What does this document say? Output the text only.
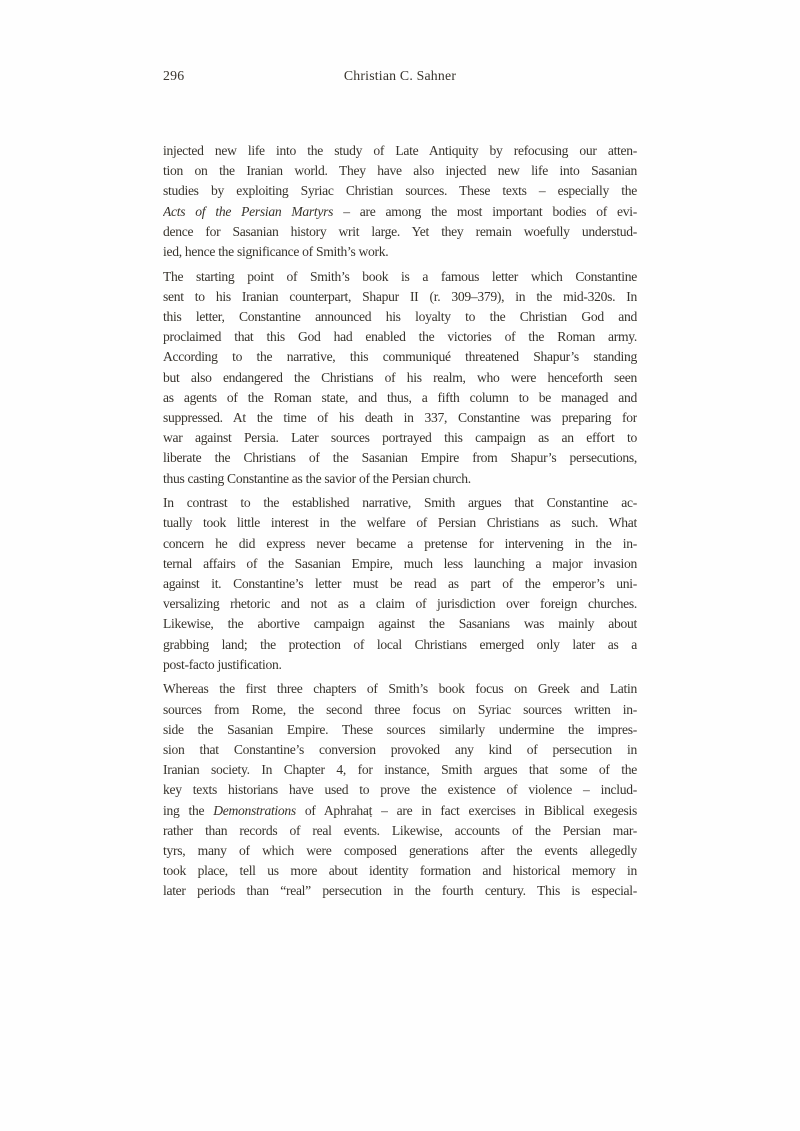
296	Christian C. Sahner
injected new life into the study of Late Antiquity by refocusing our atten-
tion on the Iranian world. They have also injected new life into Sasanian
studies by exploiting Syriac Christian sources. These texts – especially the
Acts of the Persian Martyrs – are among the most important bodies of evi-
dence for Sasanian history writ large. Yet they remain woefully understud-
ied, hence the significance of Smith’s work.
The starting point of Smith’s book is a famous letter which Constantine
sent to his Iranian counterpart, Shapur II (r. 309–379), in the mid-320s. In
this letter, Constantine announced his loyalty to the Christian God and
proclaimed that this God had enabled the victories of the Roman army.
According to the narrative, this communiqué threatened Shapur’s standing
but also endangered the Christians of his realm, who were henceforth seen
as agents of the Roman state, and thus, a fifth column to be managed and
suppressed. At the time of his death in 337, Constantine was preparing for
war against Persia. Later sources portrayed this campaign as an effort to
liberate the Christians of the Sasanian Empire from Shapur’s persecutions,
thus casting Constantine as the savior of the Persian church.
In contrast to the established narrative, Smith argues that Constantine ac-
tually took little interest in the welfare of Persian Christians as such. What
concern he did express never became a pretense for intervening in the in-
ternal affairs of the Sasanian Empire, much less launching a major invasion
against it. Constantine’s letter must be read as part of the emperor’s uni-
versalizing rhetoric and not as a claim of jurisdiction over foreign churches.
Likewise, the abortive campaign against the Sasanians was mainly about
grabbing land; the protection of local Christians emerged only later as a
post-facto justification.
Whereas the first three chapters of Smith’s book focus on Greek and Latin
sources from Rome, the second three focus on Syriac sources written in-
side the Sasanian Empire. These sources similarly undermine the impres-
sion that Constantine’s conversion provoked any kind of persecution in
Iranian society. In Chapter 4, for instance, Smith argues that some of the
key texts historians have used to prove the existence of violence – includ-
ing the Demonstrations of Aphrahaṭ – are in fact exercises in Biblical exegesis
rather than records of real events. Likewise, accounts of the Persian mar-
tyrs, many of which were composed generations after the events allegedly
took place, tell us more about identity formation and historical memory in
later periods than “real” persecution in the fourth century. This is especial-
